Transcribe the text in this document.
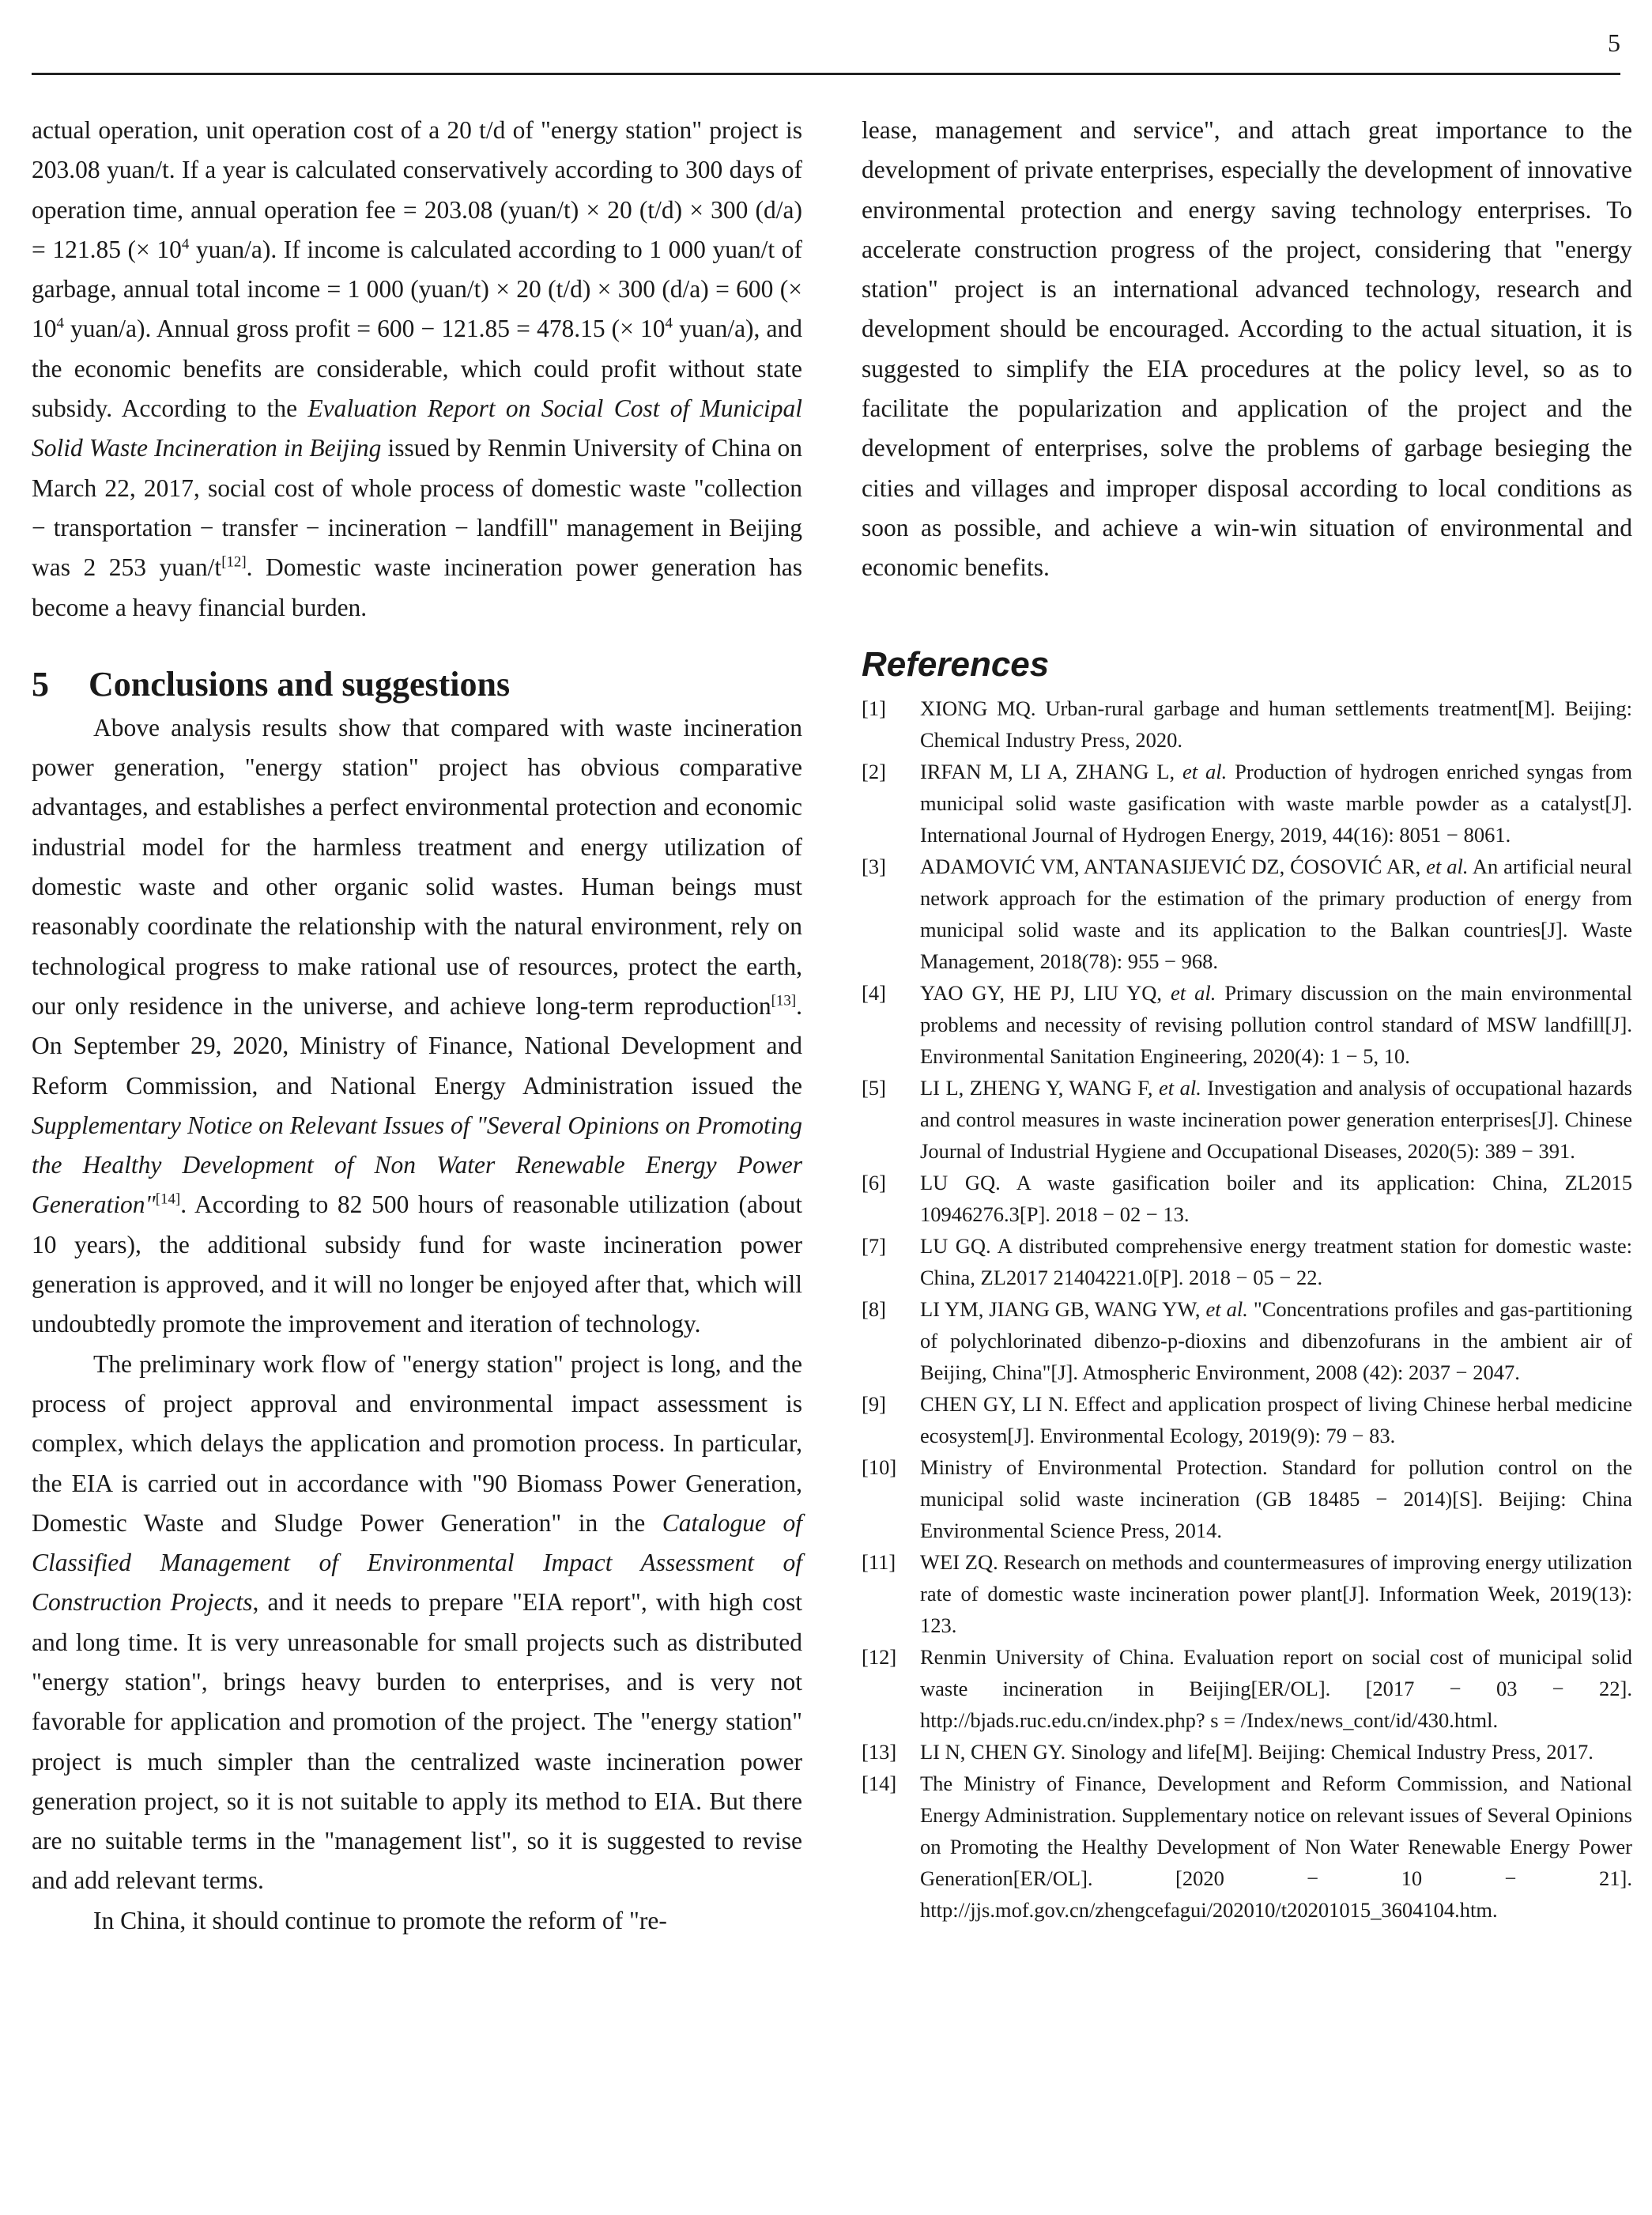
5

actual operation, unit operation cost of a 20 t/d of "energy station" project is 203.08 yuan/t. If a year is calculated conservatively according to 300 days of operation time, annual operation fee = 203.08 (yuan/t) × 20 (t/d) × 300 (d/a) = 121.85 (× $10^4$ yuan/a). If income is calculated according to 1 000 yuan/t of garbage, annual total income = 1 000 (yuan/t) × 20 (t/d) × 300 (d/a) = 600 (× $10^4$ yuan/a). Annual gross profit = 600 − 121.85 = 478.15 (× $10^4$ yuan/a), and the economic benefits are considerable, which could profit without state subsidy. According to the Evaluation Report on Social Cost of Municipal Solid Waste Incineration in Beijing issued by Renmin University of China on March 22, 2017, social cost of whole process of domestic waste "collection − transportation − transfer − incineration − landfill" management in Beijing was 2 253 yuan/t[12]. Domestic waste incineration power generation has become a heavy financial burden.

5 Conclusions and suggestions

Above analysis results show that compared with waste incineration power generation, "energy station" project has obvious comparative advantages, and establishes a perfect environmental protection and economic industrial model for the harmless treatment and energy utilization of domestic waste and other organic solid wastes. Human beings must reasonably coordinate the relationship with the natural environment, rely on technological progress to make rational use of resources, protect the earth, our only residence in the universe, and achieve long-term reproduction[13]. On September 29, 2020, Ministry of Finance, National Development and Reform Commission, and National Energy Administration issued the Supplementary Notice on Relevant Issues of "Several Opinions on Promoting the Healthy Development of Non Water Renewable Energy Power Generation"[14]. According to 82 500 hours of reasonable utilization (about 10 years), the additional subsidy fund for waste incineration power generation is approved, and it will no longer be enjoyed after that, which will undoubtedly promote the improvement and iteration of technology.

The preliminary work flow of "energy station" project is long, and the process of project approval and environmental impact assessment is complex, which delays the application and promotion process. In particular, the EIA is carried out in accordance with "90 Biomass Power Generation, Domestic Waste and Sludge Power Generation" in the Catalogue of Classified Management of Environmental Impact Assessment of Construction Projects, and it needs to prepare "EIA report", with high cost and long time. It is very unreasonable for small projects such as distributed "energy station", brings heavy burden to enterprises, and is very not favorable for application and promotion of the project. The "energy station" project is much simpler than the centralized waste incineration power generation project, so it is not suitable to apply its method to EIA. But there are no suitable terms in the "management list", so it is suggested to revise and add relevant terms.

In China, it should continue to promote the reform of "re-

lease, management and service", and attach great importance to the development of private enterprises, especially the development of innovative environmental protection and energy saving technology enterprises. To accelerate construction progress of the project, considering that "energy station" project is an international advanced technology, research and development should be encouraged. According to the actual situation, it is suggested to simplify the EIA procedures at the policy level, so as to facilitate the popularization and application of the project and the development of enterprises, solve the problems of garbage besieging the cities and villages and improper disposal according to local conditions as soon as possible, and achieve a win-win situation of environmental and economic benefits.

References
[1]	XIONG MQ. Urban-rural garbage and human settlements treatment[M]. Beijing: Chemical Industry Press, 2020.
[2]	IRFAN M, LI A, ZHANG L, et al. Production of hydrogen enriched syngas from municipal solid waste gasification with waste marble powder as a catalyst[J]. International Journal of Hydrogen Energy, 2019, 44(16): 8051 − 8061.
[3]	ADAMOVIĆ VM, ANTANASIJEVIĆ DZ, ĆOSOVIĆ AR, et al. An artificial neural network approach for the estimation of the primary production of energy from municipal solid waste and its application to the Balkan countries[J]. Waste Management, 2018(78): 955 − 968.
[4]	YAO GY, HE PJ, LIU YQ, et al. Primary discussion on the main environmental problems and necessity of revising pollution control standard of MSW landfill[J]. Environmental Sanitation Engineering, 2020(4): 1 − 5, 10.
[5]	LI L, ZHENG Y, WANG F, et al. Investigation and analysis of occupational hazards and control measures in waste incineration power generation enterprises[J]. Chinese Journal of Industrial Hygiene and Occupational Diseases, 2020(5): 389 − 391.
[6]	LU GQ. A waste gasification boiler and its application: China, ZL2015 10946276.3[P]. 2018 − 02 − 13.
[7]	LU GQ. A distributed comprehensive energy treatment station for domestic waste: China, ZL2017 21404221.0[P]. 2018 − 05 − 22.
[8]	LI YM, JIANG GB, WANG YW, et al. "Concentrations profiles and gas-partitioning of polychlorinated dibenzo-p-dioxins and dibenzofurans in the ambient air of Beijing, China"[J]. Atmospheric Environment, 2008 (42): 2037 − 2047.
[9]	CHEN GY, LI N. Effect and application prospect of living Chinese herbal medicine ecosystem[J]. Environmental Ecology, 2019(9): 79 − 83.
[10]	Ministry of Environmental Protection. Standard for pollution control on the municipal solid waste incineration (GB 18485 − 2014)[S]. Beijing: China Environmental Science Press, 2014.
[11]	WEI ZQ. Research on methods and countermeasures of improving energy utilization rate of domestic waste incineration power plant[J]. Information Week, 2019(13): 123.
[12]	Renmin University of China. Evaluation report on social cost of municipal solid waste incineration in Beijing[ER/OL]. [2017 − 03 − 22]. http://bjads.ruc.edu.cn/index.php? s = /Index/news_cont/id/430.html.
[13]	LI N, CHEN GY. Sinology and life[M]. Beijing: Chemical Industry Press, 2017.
[14]	The Ministry of Finance, Development and Reform Commission, and National Energy Administration. Supplementary notice on relevant issues of Several Opinions on Promoting the Healthy Development of Non Water Renewable Energy Power Generation[ER/OL]. [2020 − 10 − 21]. http://jjs.mof.gov.cn/zhengcefagui/202010/t20201015_3604104.htm.
